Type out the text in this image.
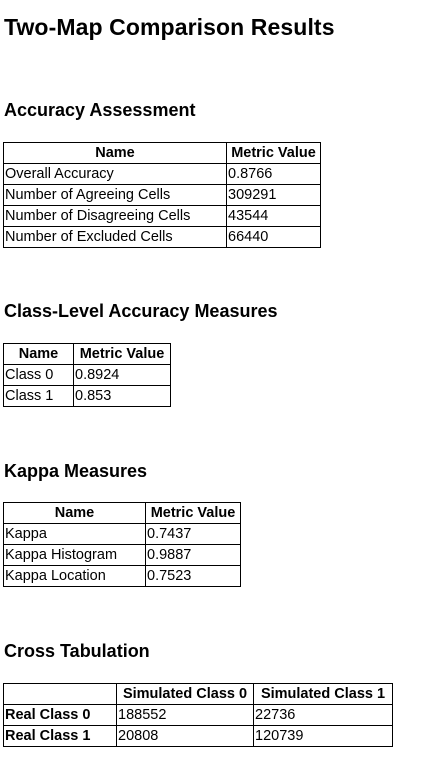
Two-Map Comparison Results
Accuracy Assessment
Name	Metric Value
Overall Accuracy	0.8766
Number of Agreeing Cells	309291
Number of Disagreeing Cells	43544
Number of Excluded Cells	66440
Class-Level Accuracy Measures
Name	Metric Value
Class 0	0.8924
Class 1	0.853
Kappa Measures
Name	Metric Value
Kappa	0.7437
Kappa Histogram	0.9887
Kappa Location	0.7523
Cross Tabulation
	Simulated Class 0	Simulated Class 1
Real Class 0	188552	22736
Real Class 1	20808	120739
